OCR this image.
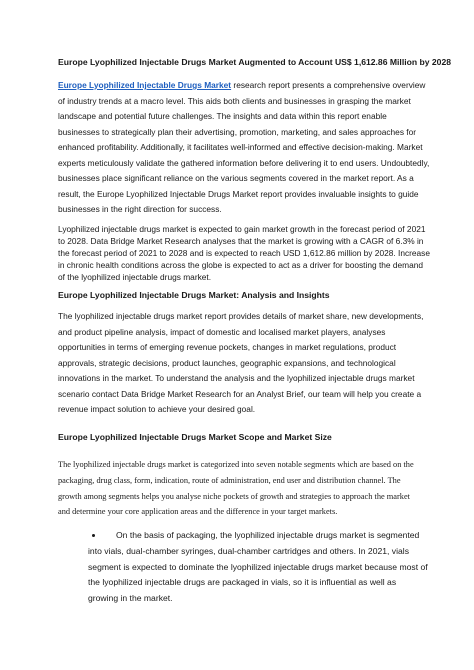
Europe Lyophilized Injectable Drugs Market Augmented to Account US$ 1,612.86 Million by 2028
Europe Lyophilized Injectable Drugs Market research report presents a comprehensive overview of industry trends at a macro level. This aids both clients and businesses in grasping the market landscape and potential future challenges. The insights and data within this report enable businesses to strategically plan their advertising, promotion, marketing, and sales approaches for enhanced profitability. Additionally, it facilitates well-informed and effective decision-making. Market experts meticulously validate the gathered information before delivering it to end users. Undoubtedly, businesses place significant reliance on the various segments covered in the market report. As a result, the Europe Lyophilized Injectable Drugs Market report provides invaluable insights to guide businesses in the right direction for success.
Lyophilized injectable drugs market is expected to gain market growth in the forecast period of 2021 to 2028. Data Bridge Market Research analyses that the market is growing with a CAGR of 6.3% in the forecast period of 2021 to 2028 and is expected to reach USD 1,612.86 million by 2028. Increase in chronic health conditions across the globe is expected to act as a driver for boosting the demand of the lyophilized injectable drugs market.
Europe Lyophilized Injectable Drugs Market: Analysis and Insights
The lyophilized injectable drugs market report provides details of market share, new developments, and product pipeline analysis, impact of domestic and localised market players, analyses opportunities in terms of emerging revenue pockets, changes in market regulations, product approvals, strategic decisions, product launches, geographic expansions, and technological innovations in the market. To understand the analysis and the lyophilized injectable drugs market scenario contact Data Bridge Market Research for an Analyst Brief, our team will help you create a revenue impact solution to achieve your desired goal.
Europe Lyophilized Injectable Drugs Market Scope and Market Size
The lyophilized injectable drugs market is categorized into seven notable segments which are based on the packaging, drug class, form, indication, route of administration, end user and distribution channel. The growth among segments helps you analyse niche pockets of growth and strategies to approach the market and determine your core application areas and the difference in your target markets.
On the basis of packaging, the lyophilized injectable drugs market is segmented into vials, dual-chamber syringes, dual-chamber cartridges and others. In 2021, vials segment is expected to dominate the lyophilized injectable drugs market because most of the lyophilized injectable drugs are packaged in vials, so it is influential as well as growing in the market.
